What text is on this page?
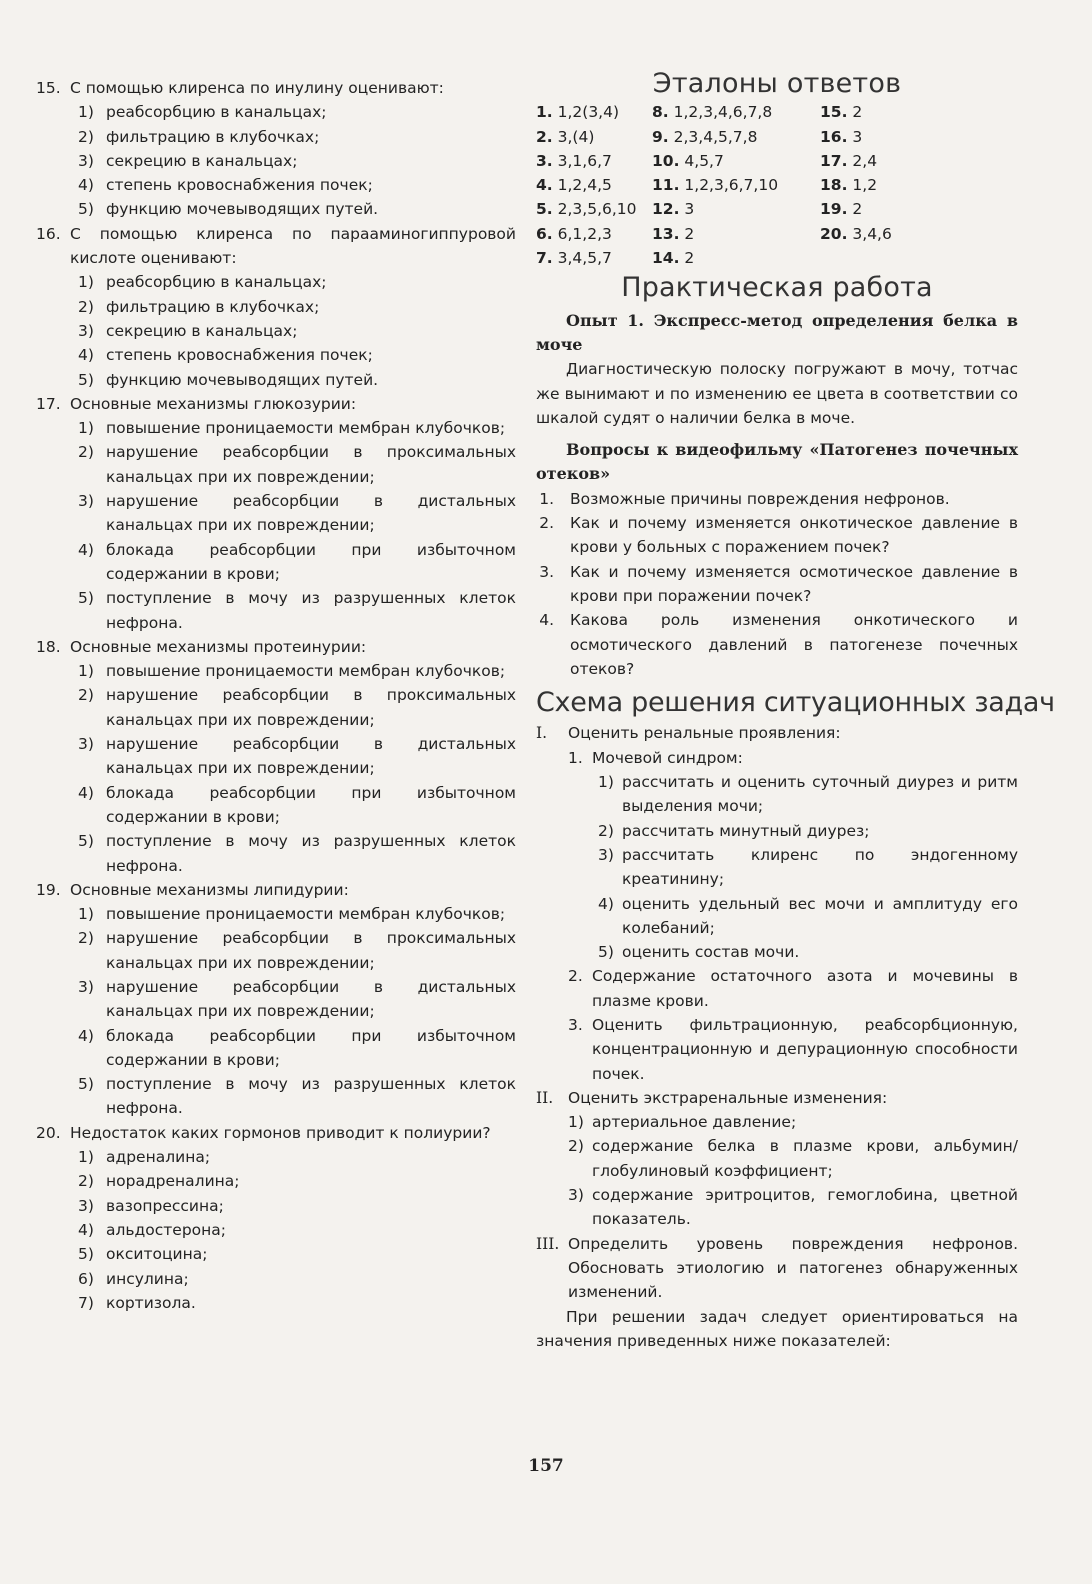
15. С помощью клиренса по инулину оценивают:
1) реабсорбцию в канальцах;
2) фильтрацию в клубочках;
3) секрецию в канальцах;
4) степень кровоснабжения почек;
5) функцию мочевыводящих путей.
16. С помощью клиренса по парааминогиппуровой кислоте оценивают:
1) реабсорбцию в канальцах;
2) фильтрацию в клубочках;
3) секрецию в канальцах;
4) степень кровоснабжения почек;
5) функцию мочевыводящих путей.
17. Основные механизмы глюкозурии:
1) повышение проницаемости мембран клубочков;
2) нарушение реабсорбции в проксимальных канальцах при их повреждении;
3) нарушение реабсорбции в дистальных канальцах при их повреждении;
4) блокада реабсорбции при избыточном содержании в крови;
5) поступление в мочу из разрушенных клеток нефрона.
18. Основные механизмы протеинурии:
1) повышение проницаемости мембран клубочков;
2) нарушение реабсорбции в проксимальных канальцах при их повреждении;
3) нарушение реабсорбции в дистальных канальцах при их повреждении;
4) блокада реабсорбции при избыточном содержании в крови;
5) поступление в мочу из разрушенных клеток нефрона.
19. Основные механизмы липидурии:
1) повышение проницаемости мембран клубочков;
2) нарушение реабсорбции в проксимальных канальцах при их повреждении;
3) нарушение реабсорбции в дистальных канальцах при их повреждении;
4) блокада реабсорбции при избыточном содержании в крови;
5) поступление в мочу из разрушенных клеток нефрона.
20. Недостаток каких гормонов приводит к полиурии?
1) адреналина;
2) норадреналина;
3) вазопрессина;
4) альдостерона;
5) окситоцина;
6) инсулина;
7) кортизола.
Эталоны ответов
1. 1,2(3,4)	8. 1,2,3,4,6,7,8	15. 2
2. 3,(4)	9. 2,3,4,5,7,8	16. 3
3. 3,1,6,7	10. 4,5,7	17. 2,4
4. 1,2,4,5	11. 1,2,3,6,7,10	18. 1,2
5. 2,3,5,6,10	12. 3	19. 2
6. 6,1,2,3	13. 2	20. 3,4,6
7. 3,4,5,7	14. 2	
Практическая работа
Опыт 1. Экспресс-метод определения белка в моче
Диагностическую полоску погружают в мочу, тотчас же вынимают и по изменению ее цвета в соответствии со шкалой судят о наличии белка в моче.
Вопросы к видеофильму «Патогенез почечных отеков»
1. Возможные причины повреждения нефронов.
2. Как и почему изменяется онкотическое давление в крови у больных с поражением почек?
3. Как и почему изменяется осмотическое давление в крови при поражении почек?
4. Какова роль изменения онкотического и осмотического давлений в патогенезе почечных отеков?
Схема решения ситуационных задач
I. Оценить ренальные проявления:
1. Мочевой синдром:
1) рассчитать и оценить суточный диурез и ритм выделения мочи;
2) рассчитать минутный диурез;
3) рассчитать клиренс по эндогенному креатинину;
4) оценить удельный вес мочи и амплитуду его колебаний;
5) оценить состав мочи.
2. Содержание остаточного азота и мочевины в плазме крови.
3. Оценить фильтрационную, реабсорбционную, концентрационную и депурационную способности почек.
II. Оценить экстраренальные изменения:
1) артериальное давление;
2) содержание белка в плазме крови, альбумин/глобулиновый коэффициент;
3) содержание эритроцитов, гемоглобина, цветной показатель.
III. Определить уровень повреждения нефронов. Обосновать этиологию и патогенез обнаруженных изменений.
При решении задач следует ориентироваться на значения приведенных ниже показателей:
157
